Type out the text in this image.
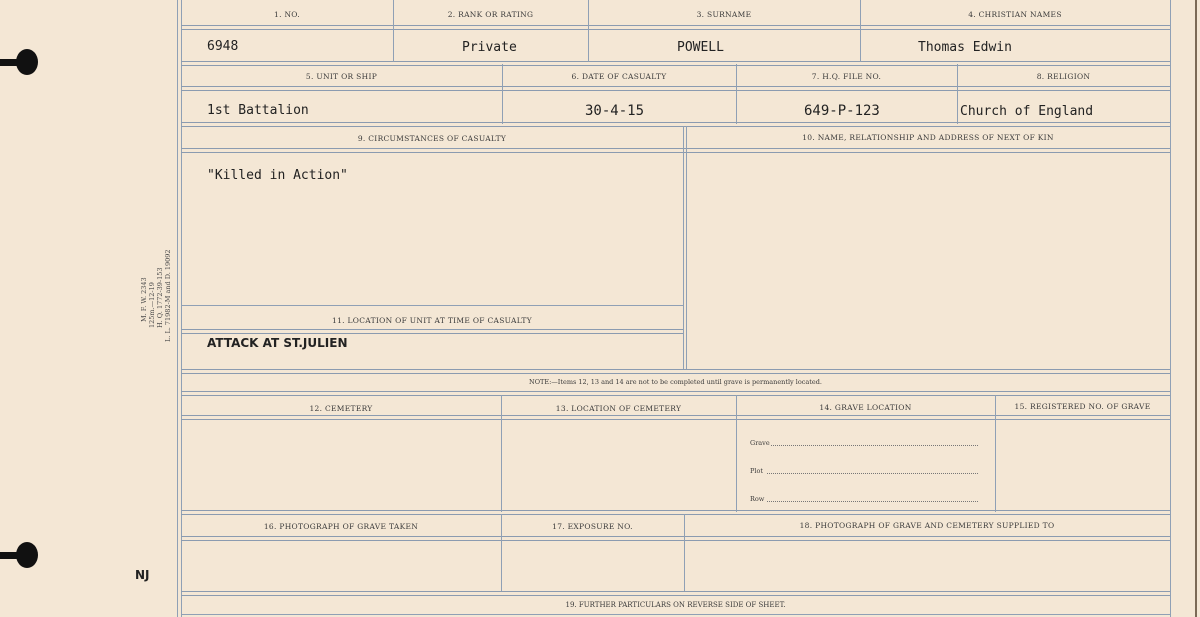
M. F. W. 2343 125m.—12-19 H. Q. 1772-39-153 L. L. 71982-M and D. 19092
NJ
1. NO.	2. RANK OR RATING	3. SURNAME	4. CHRISTIAN NAMES
6948	Private	POWELL	Thomas Edwin
5. UNIT OR SHIP	6. DATE OF CASUALTY	7. H.Q. FILE NO.	8. RELIGION
1st Battalion	30-4-15	649-P-123	Church of England
9. CIRCUMSTANCES OF CASUALTY	10. NAME, RELATIONSHIP AND ADDRESS OF NEXT OF KIN
"Killed in Action"
11. LOCATION OF UNIT AT TIME OF CASUALTY
ATTACK AT ST.JULIEN
NOTE:—Items 12, 13 and 14 are not to be completed until grave is permanently located.
12. CEMETERY	13. LOCATION OF CEMETERY	14. GRAVE LOCATION	15. REGISTERED NO. OF GRAVE
Grave
Plot
Row
16. PHOTOGRAPH OF GRAVE TAKEN	17. EXPOSURE NO.	18. PHOTOGRAPH OF GRAVE AND CEMETERY SUPPLIED TO
19. FURTHER PARTICULARS ON REVERSE SIDE OF SHEET.
